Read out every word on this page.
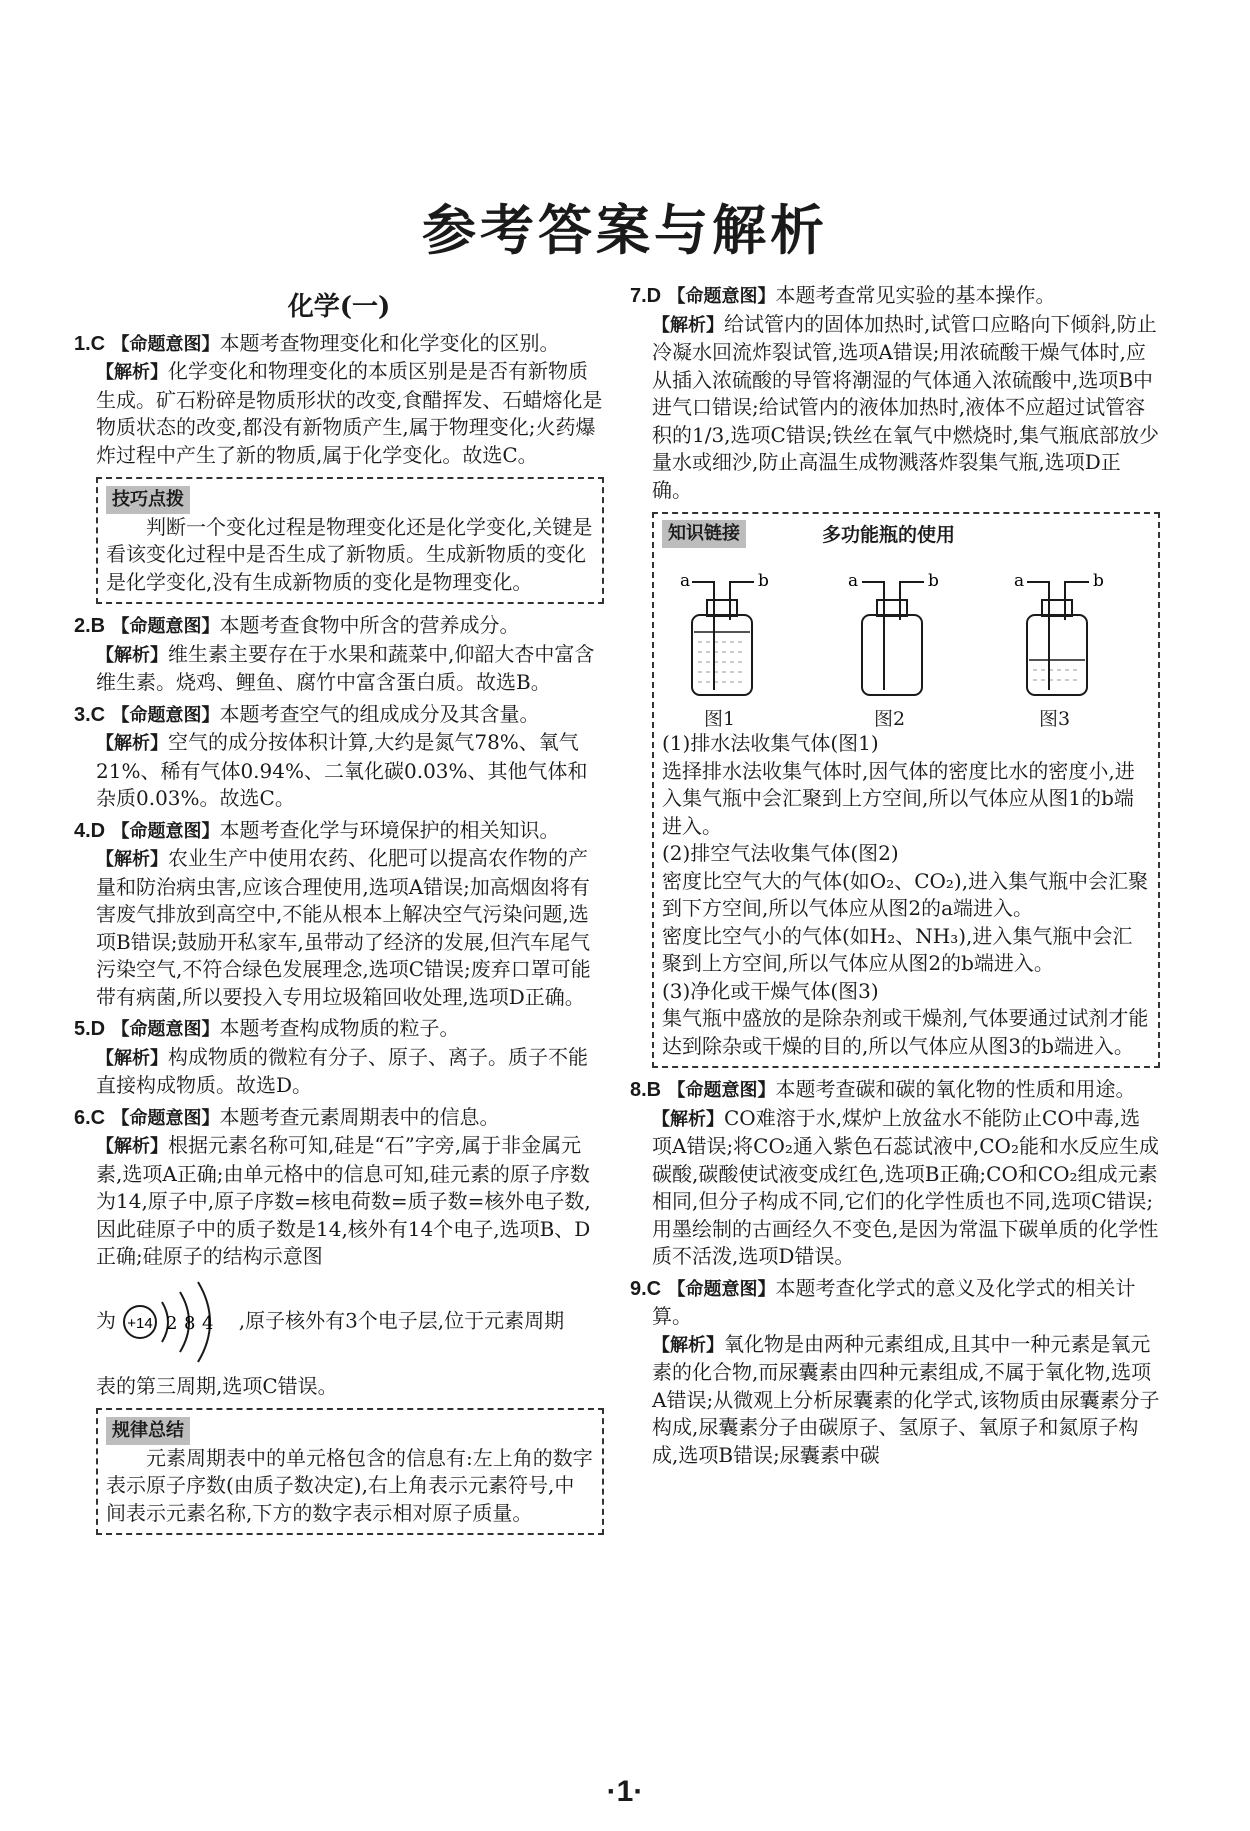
参考答案与解析
化学(一)
1.C 【命题意图】本题考查物理变化和化学变化的区别。
【解析】化学变化和物理变化的本质区别是是否有新物质生成。矿石粉碎是物质形状的改变,食醋挥发、石蜡熔化是物质状态的改变,都没有新物质产生,属于物理变化;火药爆炸过程中产生了新的物质,属于化学变化。故选C。
技巧点拨
判断一个变化过程是物理变化还是化学变化,关键是看该变化过程中是否生成了新物质。生成新物质的变化是化学变化,没有生成新物质的变化是物理变化。
2.B 【命题意图】本题考查食物中所含的营养成分。
【解析】维生素主要存在于水果和蔬菜中,仰韶大杏中富含维生素。烧鸡、鲤鱼、腐竹中富含蛋白质。故选B。
3.C 【命题意图】本题考查空气的组成成分及其含量。
【解析】空气的成分按体积计算,大约是氮气78%、氧气21%、稀有气体0.94%、二氧化碳0.03%、其他气体和杂质0.03%。故选C。
4.D 【命题意图】本题考查化学与环境保护的相关知识。
【解析】农业生产中使用农药、化肥可以提高农作物的产量和防治病虫害,应该合理使用,选项A错误;加高烟囱将有害废气排放到高空中,不能从根本上解决空气污染问题,选项B错误;鼓励开私家车,虽带动了经济的发展,但汽车尾气污染空气,不符合绿色发展理念,选项C错误;废弃口罩可能带有病菌,所以要投入专用垃圾箱回收处理,选项D正确。
5.D 【命题意图】本题考查构成物质的粒子。
【解析】构成物质的微粒有分子、原子、离子。质子不能直接构成物质。故选D。
6.C 【命题意图】本题考查元素周期表中的信息。
【解析】根据元素名称可知,硅是“石”字旁,属于非金属元素,选项A正确;由单元格中的信息可知,硅元素的原子序数为14,原子中,原子序数=核电荷数=质子数=核外电子数,因此硅原子中的质子数是14,核外有14个电子,选项B、D正确;硅原子的结构示意图
为 +14 2 8 4 ,原子核外有3个电子层,位于元素周期
表的第三周期,选项C错误。
规律总结
元素周期表中的单元格包含的信息有:左上角的数字表示原子序数(由质子数决定),右上角表示元素符号,中间表示元素名称,下方的数字表示相对原子质量。
7.D 【命题意图】本题考查常见实验的基本操作。
【解析】给试管内的固体加热时,试管口应略向下倾斜,防止冷凝水回流炸裂试管,选项A错误;用浓硫酸干燥气体时,应从插入浓硫酸的导管将潮湿的气体通入浓硫酸中,选项B中进气口错误;给试管内的液体加热时,液体不应超过试管容积的1/3,选项C错误;铁丝在氧气中燃烧时,集气瓶底部放少量水或细沙,防止高温生成物溅落炸裂集气瓶,选项D正确。
知识链接	多功能瓶的使用
a	b	a	b	a	b
图1	图2	图3
(1)排水法收集气体(图1)
选择排水法收集气体时,因气体的密度比水的密度小,进入集气瓶中会汇聚到上方空间,所以气体应从图1的b端进入。
(2)排空气法收集气体(图2)
密度比空气大的气体(如O₂、CO₂),进入集气瓶中会汇聚到下方空间,所以气体应从图2的a端进入。
密度比空气小的气体(如H₂、NH₃),进入集气瓶中会汇聚到上方空间,所以气体应从图2的b端进入。
(3)净化或干燥气体(图3)
集气瓶中盛放的是除杂剂或干燥剂,气体要通过试剂才能达到除杂或干燥的目的,所以气体应从图3的b端进入。
8.B 【命题意图】本题考查碳和碳的氧化物的性质和用途。
【解析】CO难溶于水,煤炉上放盆水不能防止CO中毒,选项A错误;将CO₂通入紫色石蕊试液中,CO₂能和水反应生成碳酸,碳酸使试液变成红色,选项B正确;CO和CO₂组成元素相同,但分子构成不同,它们的化学性质也不同,选项C错误;用墨绘制的古画经久不变色,是因为常温下碳单质的化学性质不活泼,选项D错误。
9.C 【命题意图】本题考查化学式的意义及化学式的相关计算。
【解析】氧化物是由两种元素组成,且其中一种元素是氧元素的化合物,而尿囊素由四种元素组成,不属于氧化物,选项A错误;从微观上分析尿囊素的化学式,该物质由尿囊素分子构成,尿囊素分子由碳原子、氢原子、氧原子和氮原子构成,选项B错误;尿囊素中碳
·1·
